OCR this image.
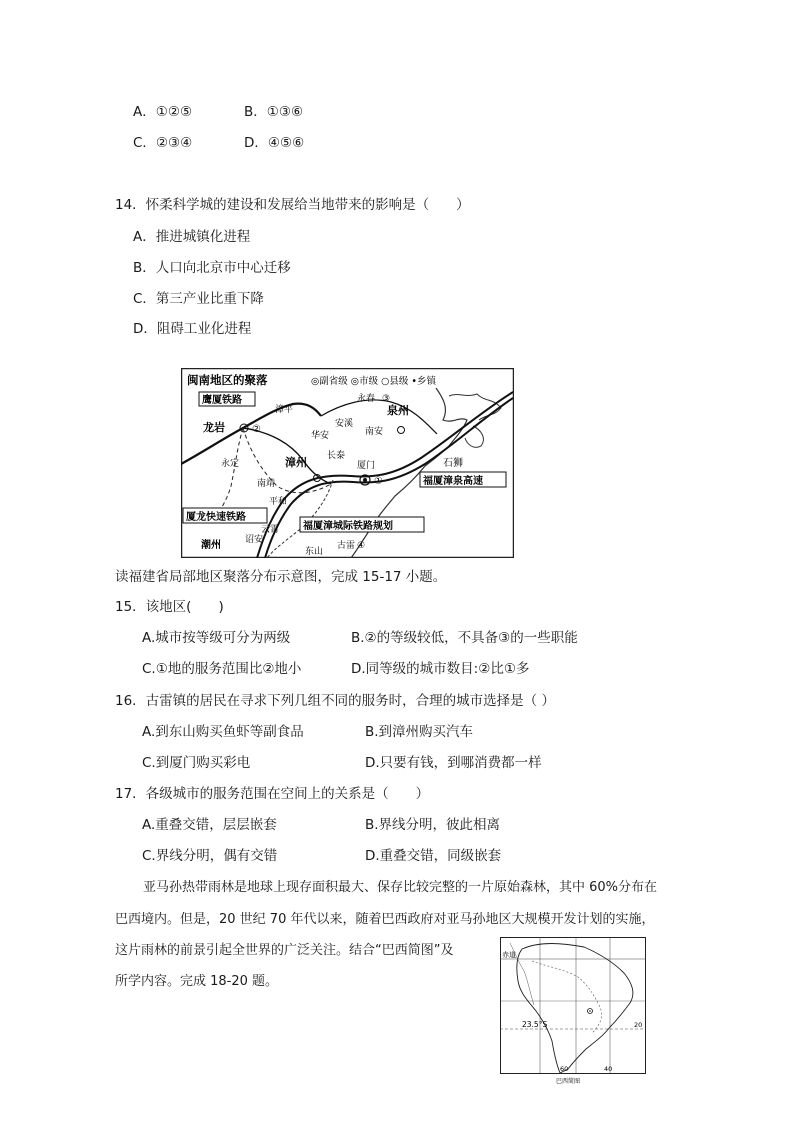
A．①②⑤	B．①③⑥
C．②③④	D．④⑤⑥
14．怀柔科学城的建设和发展给当地带来的影响是（　　）
A．推进城镇化进程
B．人口向北京市中心迁移
C．第三产业比重下降
D．阻碍工业化进程
闽南地区的聚落	◎副省级 ◎市级 ○县级 •乡镇
鹰厦铁路
厦龙快速铁路
福厦漳泉高速
福厦漳城际铁路规划
永春 ③
漳平
龙岩	②
华安
安溪
南安
泉州
长泰
石狮
永定	漳州	厦门
①
南靖
平和
云霄
诏安
潮州
东山
古雷 ④
读福建省局部地区聚落分布示意图，完成 15-17 小题。
15．该地区(　　)
A.城市按等级可分为两级	B.②的等级较低，不具备③的一些职能
C.①地的服务范围比②地小	D.同等级的城市数目:②比①多
16．古雷镇的居民在寻求下列几组不同的服务时，合理的城市选择是（ ）
A.到东山购买鱼虾等副食品	B.到漳州购买汽车
C.到厦门购买彩电	D.只要有钱，到哪消费都一样
17．各级城市的服务范围在空间上的关系是（　　）
A.重叠交错，层层嵌套	B.界线分明，彼此相离
C.界线分明，偶有交错	D.重叠交错，同级嵌套
亚马孙热带雨林是地球上现存面积最大、保存比较完整的一片原始森林，其中 60%分布在
巴西境内。但是，20 世纪 70 年代以来，随着巴西政府对亚马孙地区大规模开发计划的实施，
这片雨林的前景引起全世界的广泛关注。结合“巴西简图”及
所学内容。完成 18-20 题。
赤道
23.5°S	20
60	40
巴西简图
